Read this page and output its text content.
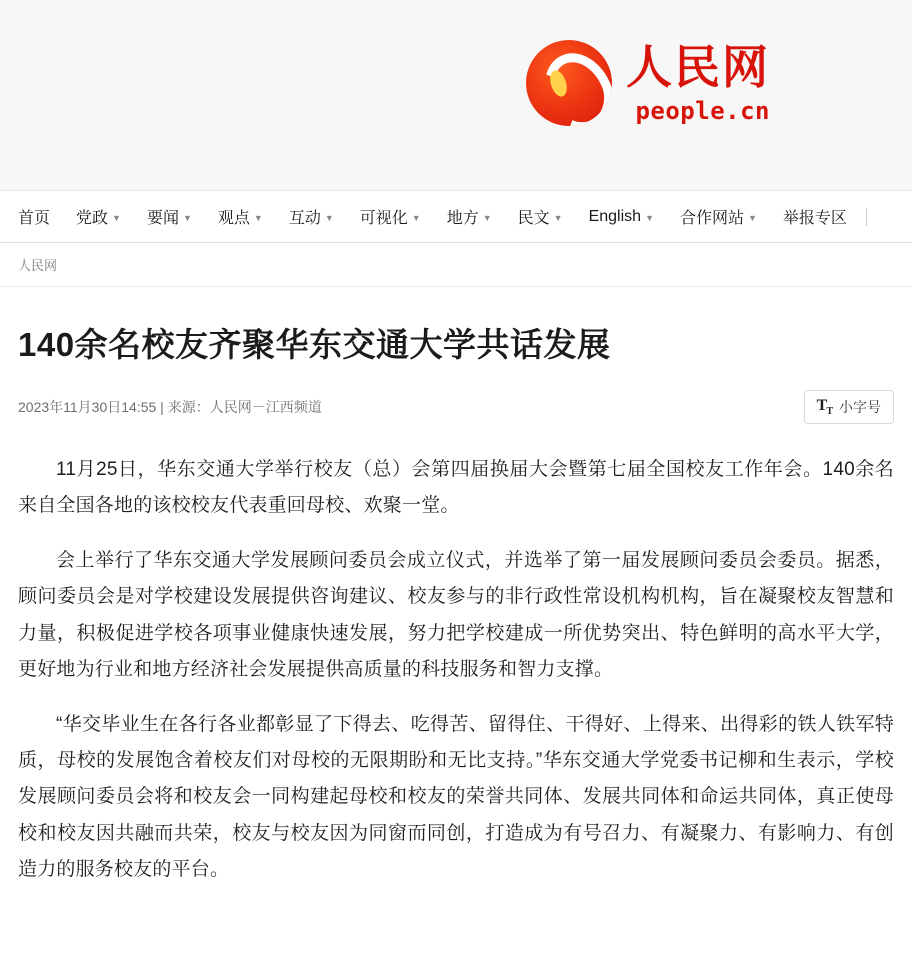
人民网
people.cn
首页 党政 ▼ 要闻 ▼ 观点 ▼ 互动 ▼ 可视化 ▼ 地方 ▼ 民文 ▼ English ▼ 合作网站 ▼ 举报专区
人民网
140余名校友齐聚华东交通大学共话发展
2023年11月30日14:55 | 来源：人民网－江西频道	$T_T$ 小字号

11月25日，华东交通大学举行校友（总）会第四届换届大会暨第七届全国校友工作年会。140余名来自全国各地的该校校友代表重回母校、欢聚一堂。

会上举行了华东交通大学发展顾问委员会成立仪式，并选举了第一届发展顾问委员会委员。据悉，顾问委员会是对学校建设发展提供咨询建议、校友参与的非行政性常设机构机构，旨在凝聚校友智慧和力量，积极促进学校各项事业健康快速发展，努力把学校建成一所优势突出、特色鲜明的高水平大学，更好地为行业和地方经济社会发展提供高质量的科技服务和智力支撑。

“华交毕业生在各行各业都彰显了下得去、吃得苦、留得住、干得好、上得来、出得彩的铁人铁军特质，母校的发展饱含着校友们对母校的无限期盼和无比支持。”华东交通大学党委书记柳和生表示，学校发展顾问委员会将和校友会一同构建起母校和校友的荣誉共同体、发展共同体和命运共同体，真正使母校和校友因共融而共荣，校友与校友因为同窗而同创，打造成为有号召力、有凝聚力、有影响力、有创造力的服务校友的平台。
